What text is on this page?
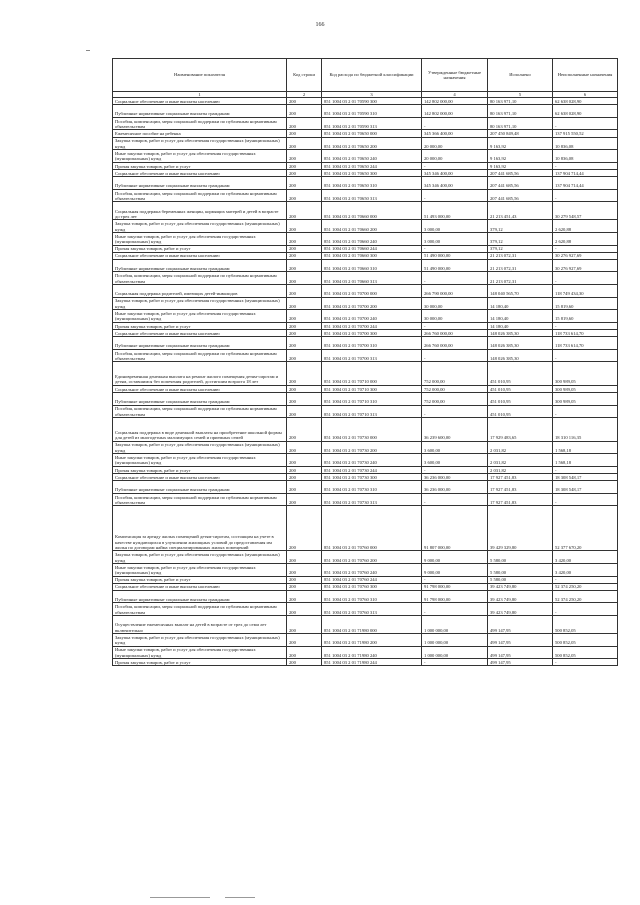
166
Наименование показателя	Код строки	Код расхода по бюджетной классификации	Утвержденные бюджетные назначения	Исполнено	Неисполненные назначения
1	2	3	4	5	6
Социальное обеспечение и иные выплаты населению	200	851 1004 03 2 01 70590 300	142 802 000,00	80 163 971,10	62 638 028,90
Публичные нормативные социальные выплаты гражданам	200	851 1004 03 2 01 70590 310	142 802 000,00	80 163 971,10	62 638 028,90
Пособия, компенсации, меры социальной поддержки по публичным нормативным обязательствам	200	851 1004 03 2 01 70590 313	-	80 163 971,10	-
Ежемесячное пособие на ребенка	200	851 1004 03 2 01 70650 000	345 366 400,00	207 450 849,48	137 915 550,52
Закупка товаров, работ и услуг для обеспечения государственных (муниципальных) нужд	200	851 1004 03 2 01 70650 200	20 000,00	9 163,92	10 836,08
Иные закупки товаров, работ и услуг для обеспечения государственных (муниципальных) нужд	200	851 1004 03 2 01 70650 240	20 000,00	9 163,92	10 836,08
Прочая закупка товаров, работ и услуг	200	851 1004 03 2 01 70650 244	-	9 163,92	-
Социальное обеспечение и иные выплаты населению	200	851 1004 03 2 01 70650 300	345 346 400,00	207 441 685,56	137 904 714,44
Публичные нормативные социальные выплаты гражданам	200	851 1004 03 2 01 70650 310	345 346 400,00	207 441 685,56	137 904 714,44
Пособия, компенсации, меры социальной поддержки по публичным нормативным обязательствам	200	851 1004 03 2 01 70650 313	-	207 441 685,56	-
Социальная поддержка беременных женщин, кормящих матерей и детей в возрасте до трех лет	200	851 1004 03 2 01 70660 000	51 493 000,00	21 213 451,43	30 279 548,57
Закупка товаров, работ и услуг для обеспечения государственных (муниципальных) нужд	200	851 1004 03 2 01 70660 200	3 000,00	379,12	2 620,88
Иные закупки товаров, работ и услуг для обеспечения государственных (муниципальных) нужд	200	851 1004 03 2 01 70660 240	3 000,00	379,12	2 620,88
Прочая закупка товаров, работ и услуг	200	851 1004 03 2 01 70660 244	-	379,12	-
Социальное обеспечение и иные выплаты населению	200	851 1004 03 2 01 70660 300	51 490 000,00	21 213 072,31	30 276 927,69
Публичные нормативные социальные выплаты гражданам	200	851 1004 03 2 01 70660 310	51 490 000,00	21 213 072,31	30 276 927,69
Пособия, компенсации, меры социальной поддержки по публичным нормативным обязательствам	200	851 1004 03 2 01 70660 313	-	21 213 072,31	-
Социальная поддержка родителей, имеющих детей-инвалидов	200	851 1004 03 2 01 70700 000	266 790 000,00	148 040 565,70	118 749 434,30
Закупка товаров, работ и услуг для обеспечения государственных (муниципальных) нужд	200	851 1004 03 2 01 70700 200	30 000,00	14 180,40	15 819,60
Иные закупки товаров, работ и услуг для обеспечения государственных (муниципальных) нужд	200	851 1004 03 2 01 70700 240	30 000,00	14 180,40	15 819,60
Прочая закупка товаров, работ и услуг	200	851 1004 03 2 01 70700 244	-	14 180,40	-
Социальное обеспечение и иные выплаты населению	200	851 1004 03 2 01 70700 300	266 760 000,00	148 026 385,30	118 733 614,70
Публичные нормативные социальные выплаты гражданам	200	851 1004 03 2 01 70700 310	266 760 000,00	148 026 385,30	118 733 614,70
Пособия, компенсации, меры социальной поддержки по публичным нормативным обязательствам	200	851 1004 03 2 01 70700 313	-	148 026 385,30	-
Единовременная денежная выплата на ремонт жилого помещения детям-сиротам и детям, оставшимся без попечения родителей, достигшим возраста 18 лет	200	851 1004 03 2 01 70710 000	752 000,00	451 010,95	300 989,05
Социальное обеспечение и иные выплаты населению	200	851 1004 03 2 01 70710 300	752 000,00	451 010,95	300 989,05
Публичные нормативные социальные выплаты гражданам	200	851 1004 03 2 01 70710 310	752 000,00	451 010,95	300 989,05
Пособия, компенсации, меры социальной поддержки по публичным нормативным обязательствам	200	851 1004 03 2 01 70710 313	-	451 010,95	-
Социальная поддержка в виде денежной выплаты на приобретение школьной формы для детей из многодетных малоимущих семей и приемных семей	200	851 1004 03 2 01 70730 000	36 239 600,00	17 929 483,65	18 310 116,35
Закупка товаров, работ и услуг для обеспечения государственных (муниципальных) нужд	200	851 1004 03 2 01 70730 200	3 600,00	2 031,82	1 568,18
Иные закупки товаров, работ и услуг для обеспечения государственных (муниципальных) нужд	200	851 1004 03 2 01 70730 240	3 600,00	2 031,82	1 568,18
Прочая закупка товаров, работ и услуг	200	851 1004 03 2 01 70730 244	-	2 031,82	-
Социальное обеспечение и иные выплаты населению	200	851 1004 03 2 01 70730 300	36 236 000,00	17 927 451,83	18 308 548,17
Публичные нормативные социальные выплаты гражданам	200	851 1004 03 2 01 70730 310	36 236 000,00	17 927 451,83	18 308 548,17
Пособия, компенсации, меры социальной поддержки по публичным нормативным обязательствам	200	851 1004 03 2 01 70730 313	-	17 927 451,83	-
Компенсация за аренду жилых помещений детям-сиротам, состоящим на учете в качестве нуждающихся в улучшении жилищных условий до предоставления им жилья по договорам найма специализированных жилых помещений	200	851 1004 03 2 01 70760 000	91 807 000,00	39 429 329,80	52 377 670,20
Закупка товаров, работ и услуг для обеспечения государственных (муниципальных) нужд	200	851 1004 03 2 01 70760 200	9 000,00	5 580,00	3 420,00
Иные закупки товаров, работ и услуг для обеспечения государственных (муниципальных) нужд	200	851 1004 03 2 01 70760 240	9 000,00	5 580,00	3 420,00
Прочая закупка товаров, работ и услуг	200	851 1004 03 2 01 70760 244	-	5 580,00	-
Социальное обеспечение и иные выплаты населению	200	851 1004 03 2 01 70760 300	91 798 000,00	39 423 749,80	52 374 250,20
Публичные нормативные социальные выплаты гражданам	200	851 1004 03 2 01 70760 310	91 798 000,00	39 423 749,80	52 374 250,20
Пособия, компенсации, меры социальной поддержки по публичным нормативным обязательствам	200	851 1004 03 2 01 70760 313	-	39 423 749,80	-
Осуществление ежемесячных выплат на детей в возрасте от трех до семи лет включительно	200	851 1004 03 2 01 71980 000	1 000 000,00	499 147,95	500 852,05
Закупка товаров, работ и услуг для обеспечения государственных (муниципальных) нужд	200	851 1004 03 2 01 71980 200	1 000 000,00	499 147,95	500 852,05
Иные закупки товаров, работ и услуг для обеспечения государственных (муниципальных) нужд	200	851 1004 03 2 01 71980 240	1 000 000,00	499 147,95	500 852,05
Прочая закупка товаров, работ и услуг	200	851 1004 03 2 01 71980 244	-	499 147,95	-
